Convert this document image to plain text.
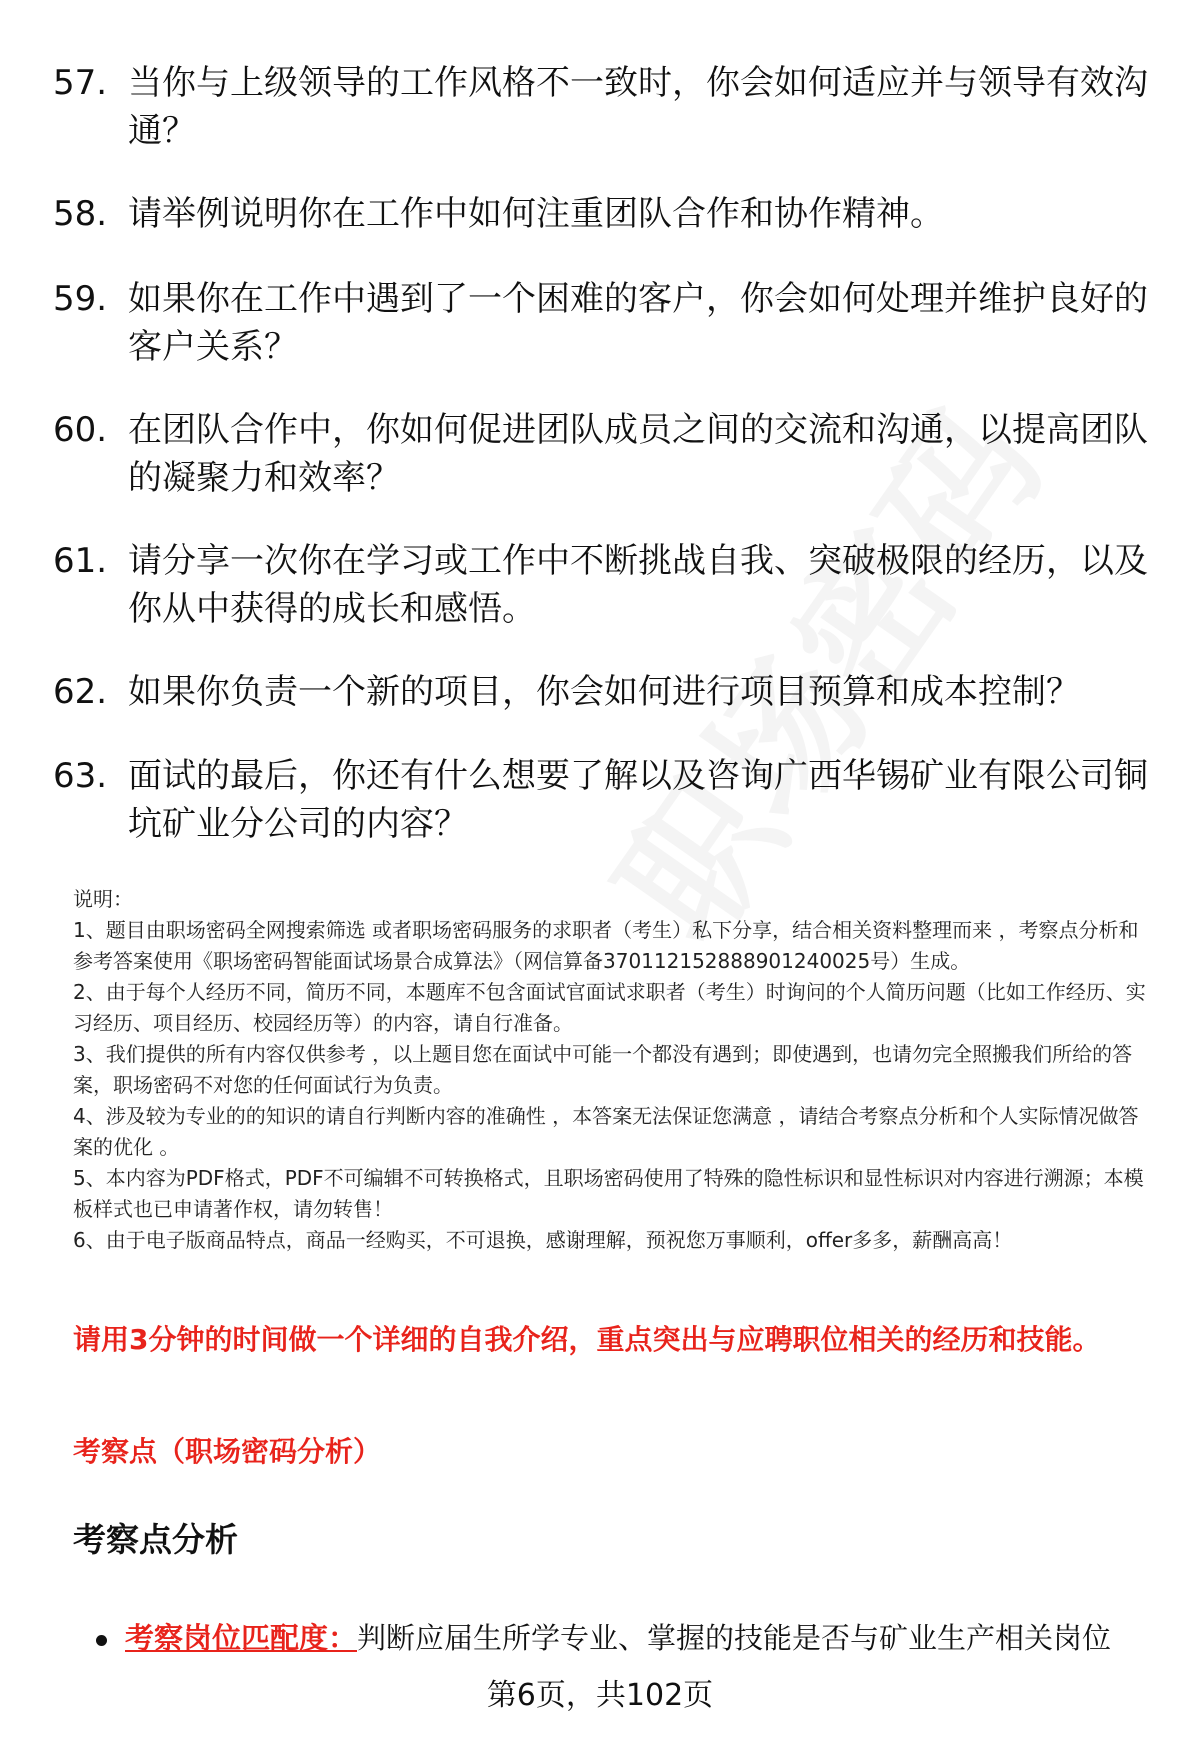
57. 当你与上级领导的工作风格不一致时，你会如何适应并与领导有效沟通？
58. 请举例说明你在工作中如何注重团队合作和协作精神。
59. 如果你在工作中遇到了一个困难的客户，你会如何处理并维护良好的客户关系？
60. 在团队合作中，你如何促进团队成员之间的交流和沟通，以提高团队的凝聚力和效率？
61. 请分享一次你在学习或工作中不断挑战自我、突破极限的经历，以及你从中获得的成长和感悟。
62. 如果你负责一个新的项目，你会如何进行项目预算和成本控制？
63. 面试的最后，你还有什么想要了解以及咨询广西华锡矿业有限公司铜坑矿业分公司的内容？

说明：

1、题目由职场密码全网搜索筛选 或者职场密码服务的求职者（考生）私下分享，结合相关资料整理而来 ，考察点分析和参考答案使用《职场密码智能面试场景合成算法》（网信算备370112152888901240025号）生成。

2、由于每个人经历不同，简历不同，本题库不包含面试官面试求职者（考生）时询问的个人简历问题（比如工作经历、实习经历、项目经历、校园经历等）的内容，请自行准备。

3、我们提供的所有内容仅供参考 ，以上题目您在面试中可能一个都没有遇到；即使遇到，也请勿完全照搬我们所给的答案，职场密码不对您的任何面试行为负责。

4、涉及较为专业的的知识的请自行判断内容的准确性 ，本答案无法保证您满意 ，请结合考察点分析和个人实际情况做答案的优化 。

5、本内容为PDF格式，PDF不可编辑不可转换格式，且职场密码使用了特殊的隐性标识和显性标识对内容进行溯源；本模板样式也已申请著作权，请勿转售！

6、由于电子版商品特点，商品一经购买，不可退换，感谢理解，预祝您万事顺利，offer多多，薪酬高高！

请用3分钟的时间做一个详细的自我介绍，重点突出与应聘职位相关的经历和技能。
考察点（职场密码分析）
考察点分析
考察岗位匹配度：判断应届生所学专业、掌握的技能是否与矿业生产相关岗位
第6页，共102页
